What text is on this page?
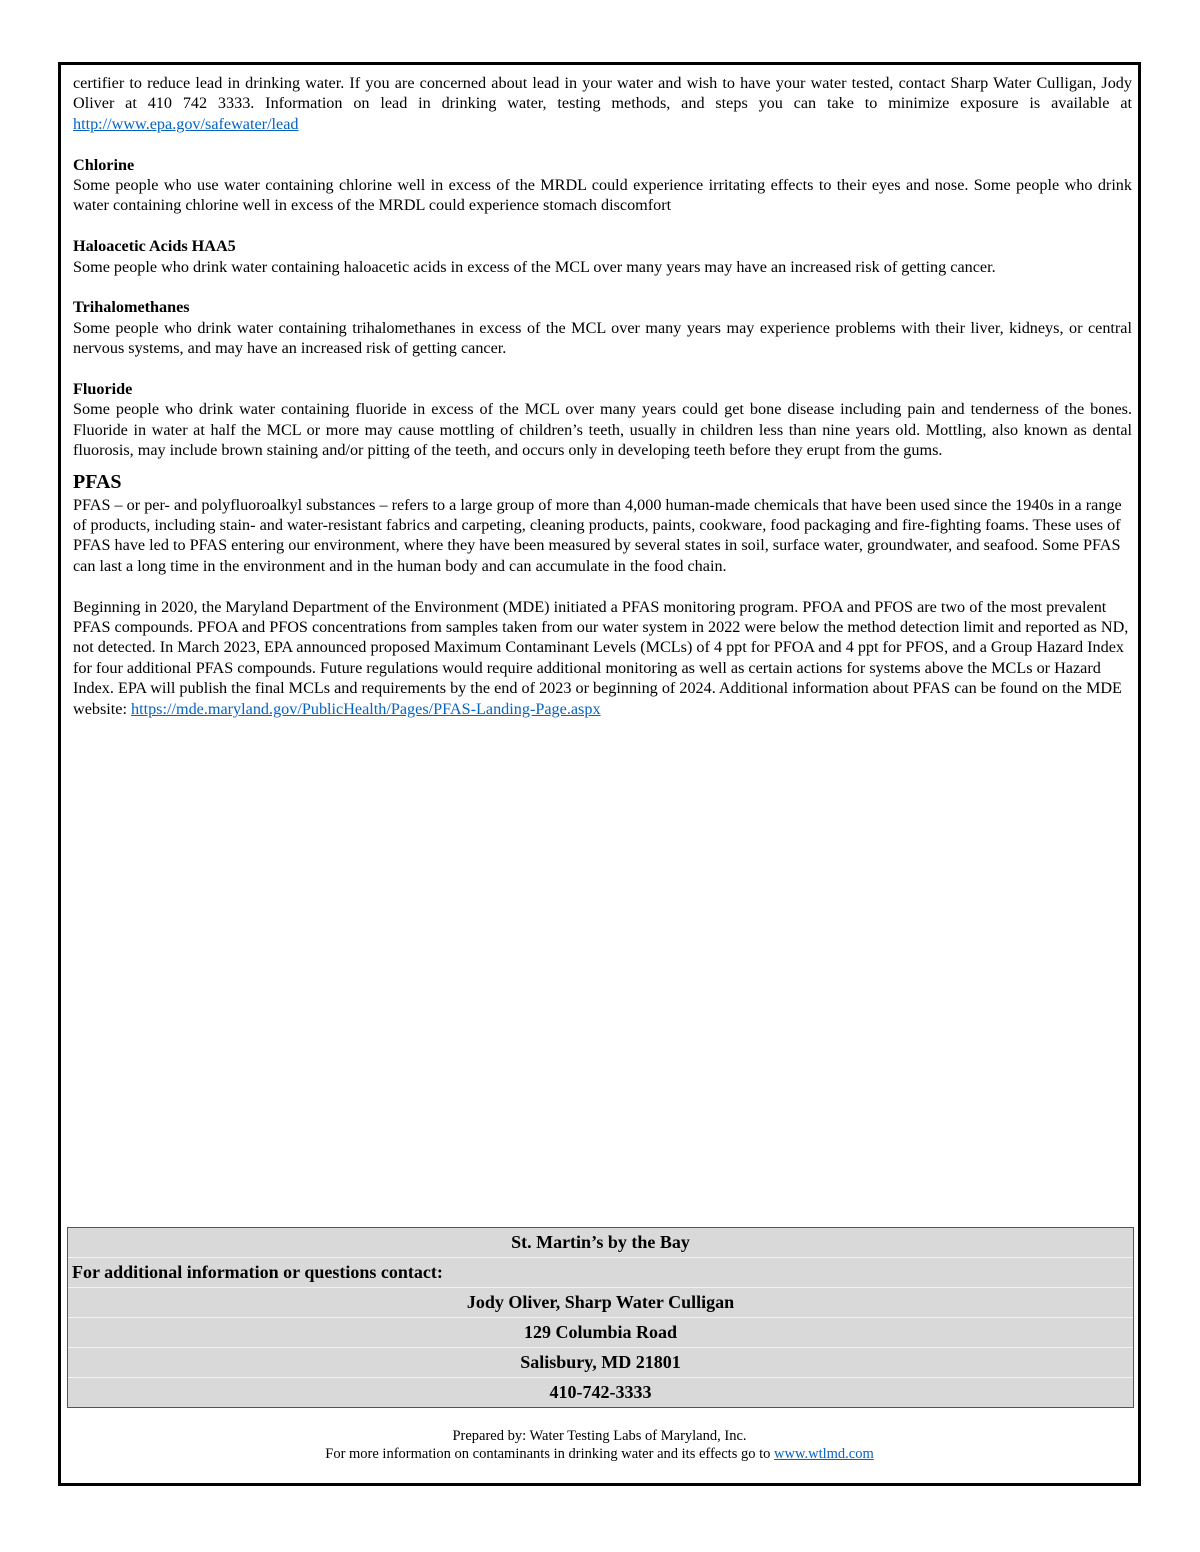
certifier to reduce lead in drinking water. If you are concerned about lead in your water and wish to have your water tested, contact Sharp Water Culligan, Jody Oliver at 410 742 3333. Information on lead in drinking water, testing methods, and steps you can take to minimize exposure is available at http://www.epa.gov/safewater/lead

Chlorine

Some people who use water containing chlorine well in excess of the MRDL could experience irritating effects to their eyes and nose. Some people who drink water containing chlorine well in excess of the MRDL could experience stomach discomfort

Haloacetic Acids HAA5

Some people who drink water containing haloacetic acids in excess of the MCL over many years may have an increased risk of getting cancer.

Trihalomethanes

Some people who drink water containing trihalomethanes in excess of the MCL over many years may experience problems with their liver, kidneys, or central nervous systems, and may have an increased risk of getting cancer.

Fluoride

Some people who drink water containing fluoride in excess of the MCL over many years could get bone disease including pain and tenderness of the bones. Fluoride in water at half the MCL or more may cause mottling of children’s teeth, usually in children less than nine years old. Mottling, also known as dental fluorosis, may include brown staining and/or pitting of the teeth, and occurs only in developing teeth before they erupt from the gums.

PFAS

PFAS – or per- and polyfluoroalkyl substances – refers to a large group of more than 4,000 human-made chemicals that have been used since the 1940s in a range of products, including stain- and water-resistant fabrics and carpeting, cleaning products, paints, cookware, food packaging and fire-fighting foams. These uses of PFAS have led to PFAS entering our environment, where they have been measured by several states in soil, surface water, groundwater, and seafood. Some PFAS can last a long time in the environment and in the human body and can accumulate in the food chain.

Beginning in 2020, the Maryland Department of the Environment (MDE) initiated a PFAS monitoring program. PFOA and PFOS are two of the most prevalent PFAS compounds. PFOA and PFOS concentrations from samples taken from our water system in 2022 were below the method detection limit and reported as ND, not detected. In March 2023, EPA announced proposed Maximum Contaminant Levels (MCLs) of 4 ppt for PFOA and 4 ppt for PFOS, and a Group Hazard Index for four additional PFAS compounds. Future regulations would require additional monitoring as well as certain actions for systems above the MCLs or Hazard Index. EPA will publish the final MCLs and requirements by the end of 2023 or beginning of 2024. Additional information about PFAS can be found on the MDE website: https://mde.maryland.gov/PublicHealth/Pages/PFAS-Landing-Page.aspx

St. Martin’s by the Bay
For additional information or questions contact:
Jody Oliver, Sharp Water Culligan
129 Columbia Road
Salisbury, MD 21801
410-742-3333
Prepared by: Water Testing Labs of Maryland, Inc.
For more information on contaminants in drinking water and its effects go to www.wtlmd.com
